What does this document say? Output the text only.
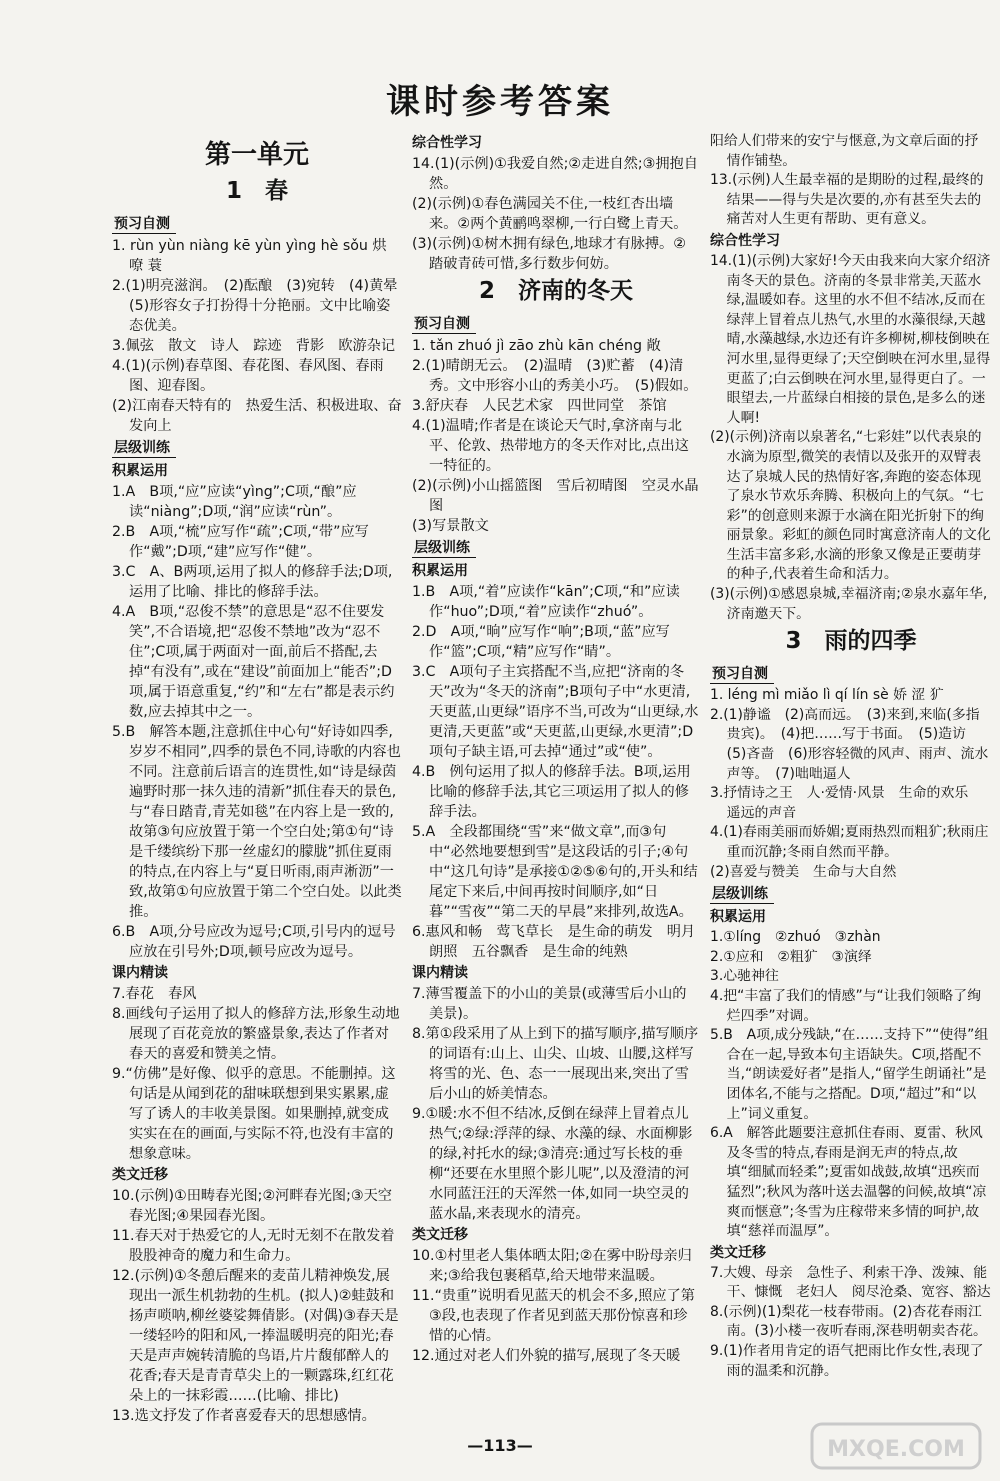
课时参考答案
第一单元
1　春
预习自测

1. rùn yùn niàng kē yùn yìng hè sǒu 烘 嘹 蓑
2.(1)明亮滋润。　(2)酝酿　(3)宛转　(4)黄晕　(5)形容女子打扮得十分艳丽。文中比喻姿态优美。
3.佩弦　散文　诗人　踪迹　背影　欧游杂记
4.(1)(示例)春草图、春花图、春风图、春雨图、迎春图。
(2)江南春天特有的　热爱生活、积极进取、奋发向上
层级训练

积累运用
1.A　B项,“应”应读“yìng”;C项,“酿”应读“niàng”;D项,“润”应读“rùn”。
2.B　A项,“梳”应写作“疏”;C项,“带”应写作“戴”;D项,“建”应写作“健”。
3.C　A、B两项,运用了拟人的修辞手法;D项,运用了比喻、排比的修辞手法。
4.A　B项,“忍俊不禁”的意思是“忍不住要发笑”,不合语境,把“忍俊不禁地”改为“忍不住”;C项,属于两面对一面,前后不搭配,去掉“有没有”,或在“建设”前面加上“能否”;D项,属于语意重复,“约”和“左右”都是表示约数,应去掉其中之一。
5.B　解答本题,注意抓住中心句“好诗如四季,岁岁不相同”,四季的景色不同,诗歌的内容也不同。注意前后语言的连贯性,如“诗是绿茵遍野时那一抹久违的清新”抓住春天的景色,与“春日踏青,青芜如毯”在内容上是一致的,故第③句应放置于第一个空白处;第①句“诗是千缕缤纷下那一丝虚幻的朦胧”抓住夏雨的特点,在内容上与“夏日听雨,雨声淅沥”一致,故第①句应放置于第二个空白处。以此类推。
6.B　A项,分号应改为逗号;C项,引号内的逗号应放在引号外;D项,顿号应改为逗号。
课内精读
7.春花　春风
8.画线句子运用了拟人的修辞方法,形象生动地展现了百花竞放的繁盛景象,表达了作者对春天的喜爱和赞美之情。
9.“仿佛”是好像、似乎的意思。不能删掉。这句话是从闻到花的甜味联想到果实累累,虚写了诱人的丰收美景图。如果删掉,就变成实实在在的画面,与实际不符,也没有丰富的想象意味。
类文迁移
10.(示例)①田畴春光图;②河畔春光图;③天空春光图;④果园春光图。
11.春天对于热爱它的人,无时无刻不在散发着股股神奇的魔力和生命力。
12.(示例)①冬憩后醒来的麦苗儿精神焕发,展现出一派生机勃勃的生机。(拟人)②蛙鼓和扬声唢呐,柳丝婆娑舞倩影。(对偶)③春天是一缕轻吟的阳和风,一捧温暖明亮的阳光;春天是声声婉转清脆的鸟语,片片馥郁醉人的花香;春天是青青草尖上的一颗露珠,红红花朵上的一抹彩霞……(比喻、排比)
13.选文抒发了作者喜爱春天的思想感情。
综合性学习
14.(1)(示例)①我爱自然;②走进自然;③拥抱自然。
(2)(示例)①春色满园关不住,一枝红杏出墙来。②两个黄鹂鸣翠柳,一行白鹭上青天。
(3)(示例)①树木拥有绿色,地球才有脉搏。②踏破青砖可惜,多行数步何妨。
2　济南的冬天
预习自测

1. tǎn zhuó jì zāo zhù kān chéng 敞
2.(1)晴朗无云。　(2)温晴　(3)贮蓄　(4)清秀。文中形容小山的秀美小巧。　(5)假如。
3.舒庆春　人民艺术家　四世同堂　茶馆
4.(1)温晴;作者是在谈论天气时,拿济南与北平、伦敦、热带地方的冬天作对比,点出这一特征的。
(2)(示例)小山摇篮图　雪后初晴图　空灵水晶图
(3)写景散文
层级训练

积累运用
1.B　A项,“着”应读作“kān”;C项,“和”应读作“huo”;D项,“着”应读作“zhuó”。
2.D　A项,“晌”应写作“响”;B项,“蓝”应写作“篮”;C项,“精”应写作“睛”。
3.C　A项句子主宾搭配不当,应把“济南的冬天”改为“冬天的济南”;B项句子中“水更清,天更蓝,山更绿”语序不当,可改为“山更绿,水更清,天更蓝”或“天更蓝,山更绿,水更清”;D项句子缺主语,可去掉“通过”或“使”。
4.B　例句运用了拟人的修辞手法。B项,运用比喻的修辞手法,其它三项运用了拟人的修辞手法。
5.A　全段都围绕“雪”来“做文章”,而③句中“必然地要想到雪”是这段话的引子;④句中“这几句诗”是承接①②⑤⑥句的,开头和结尾定下来后,中间再按时间顺序,如“日暮”“雪夜”“第二天的早晨”来排列,故选A。
6.惠风和畅　莺飞草长　是生命的萌发　明月朗照　五谷飘香　是生命的纯熟
课内精读
7.薄雪覆盖下的小山的美景(或薄雪后小山的美景)。
8.第①段采用了从上到下的描写顺序,描写顺序的词语有:山上、山尖、山坡、山腰,这样写将雪的光、色、态一一展现出来,突出了雪后小山的娇美情态。
9.①暖:水不但不结冰,反倒在绿萍上冒着点儿热气;②绿:浮萍的绿、水藻的绿、水面柳影的绿,衬托水的绿;③清亮:通过写长枝的垂柳“还要在水里照个影儿呢”,以及澄清的河水同蓝汪汪的天浑然一体,如同一块空灵的蓝水晶,来表现水的清亮。
类文迁移
10.①村里老人集体晒太阳;②在雾中盼母亲归来;③给我包裹稻草,给天地带来温暖。
11.“贵重”说明看见蓝天的机会不多,照应了第③段,也表现了作者见到蓝天那份惊喜和珍惜的心情。
12.通过对老人们外貌的描写,展现了冬天暖
阳给人们带来的安宁与惬意,为文章后面的抒情作铺垫。
13.(示例)人生最幸福的是期盼的过程,最终的结果——得与失是次要的,亦有甚至失去的痛苦对人生更有帮助、更有意义。
综合性学习
14.(1)(示例)大家好!今天由我来向大家介绍济南冬天的景色。济南的冬景非常美,天蓝水绿,温暖如春。这里的水不但不结冰,反而在绿萍上冒着点儿热气,水里的水藻很绿,天越晴,水藻越绿,水边还有许多柳树,柳枝倒映在河水里,显得更绿了;天空倒映在河水里,显得更蓝了;白云倒映在河水里,显得更白了。一眼望去,一片蓝绿白相接的景色,是多么的迷人啊!
(2)(示例)济南以泉著名,“七彩娃”以代表泉的水滴为原型,微笑的表情以及张开的双臂表达了泉城人民的热情好客,奔跑的姿态体现了泉水节欢乐奔腾、积极向上的气氛。“七彩”的创意则来源于水滴在阳光折射下的绚丽景象。彩虹的颜色同时寓意济南人的文化生活丰富多彩,水滴的形象又像是正要萌芽的种子,代表着生命和活力。
(3)(示例)①感恩泉城,幸福济南;②泉水嘉年华,济南邀天下。
3　雨的四季
预习自测

1. léng mì miǎo lì qí lín sè 娇 涩 犷
2.(1)静谧　(2)高而远。　(3)来到,来临(多指贵宾)。　(4)把……写于书面。　(5)造访　(5)吝啬　(6)形容轻微的风声、雨声、流水声等。　(7)咄咄逼人
3.抒情诗之王　人·爱情·风景　生命的欢乐　遥远的声音
4.(1)春雨美丽而娇媚;夏雨热烈而粗犷;秋雨庄重而沉静;冬雨自然而平静。
(2)喜爱与赞美　生命与大自然
层级训练

积累运用
1.①líng　②zhuó　③zhàn
2.①应和　②粗犷　③演绎
3.心驰神往
4.把“丰富了我们的情感”与“让我们领略了绚烂四季”对调。
5.B　A项,成分残缺,“在……支持下”“使得”组合在一起,导致本句主语缺失。C项,搭配不当,“朗读爱好者”是指人,“留学生朗诵社”是团体名,不能与之搭配。D项,“超过”和“以上”词义重复。
6.A　解答此题要注意抓住春雨、夏雷、秋风及冬雪的特点,春雨是润无声的特点,故填“细腻而轻柔”;夏雷如战鼓,故填“迅疾而猛烈”;秋风为落叶送去温馨的问候,故填“凉爽而惬意”;冬雪为庄稼带来多情的呵护,故填“慈祥而温厚”。
类文迁移
7.大嫂、母亲　急性子、利索干净、泼辣、能干、慷慨　老妇人　阅尽沧桑、宽容、豁达
8.(示例)(1)梨花一枝春带雨。(2)杏花春雨江南。(3)小楼一夜听春雨,深巷明朝卖杏花。
9.(1)作者用肯定的语气把雨比作女性,表现了雨的温柔和沉静。
—113—	MXQE.COM
